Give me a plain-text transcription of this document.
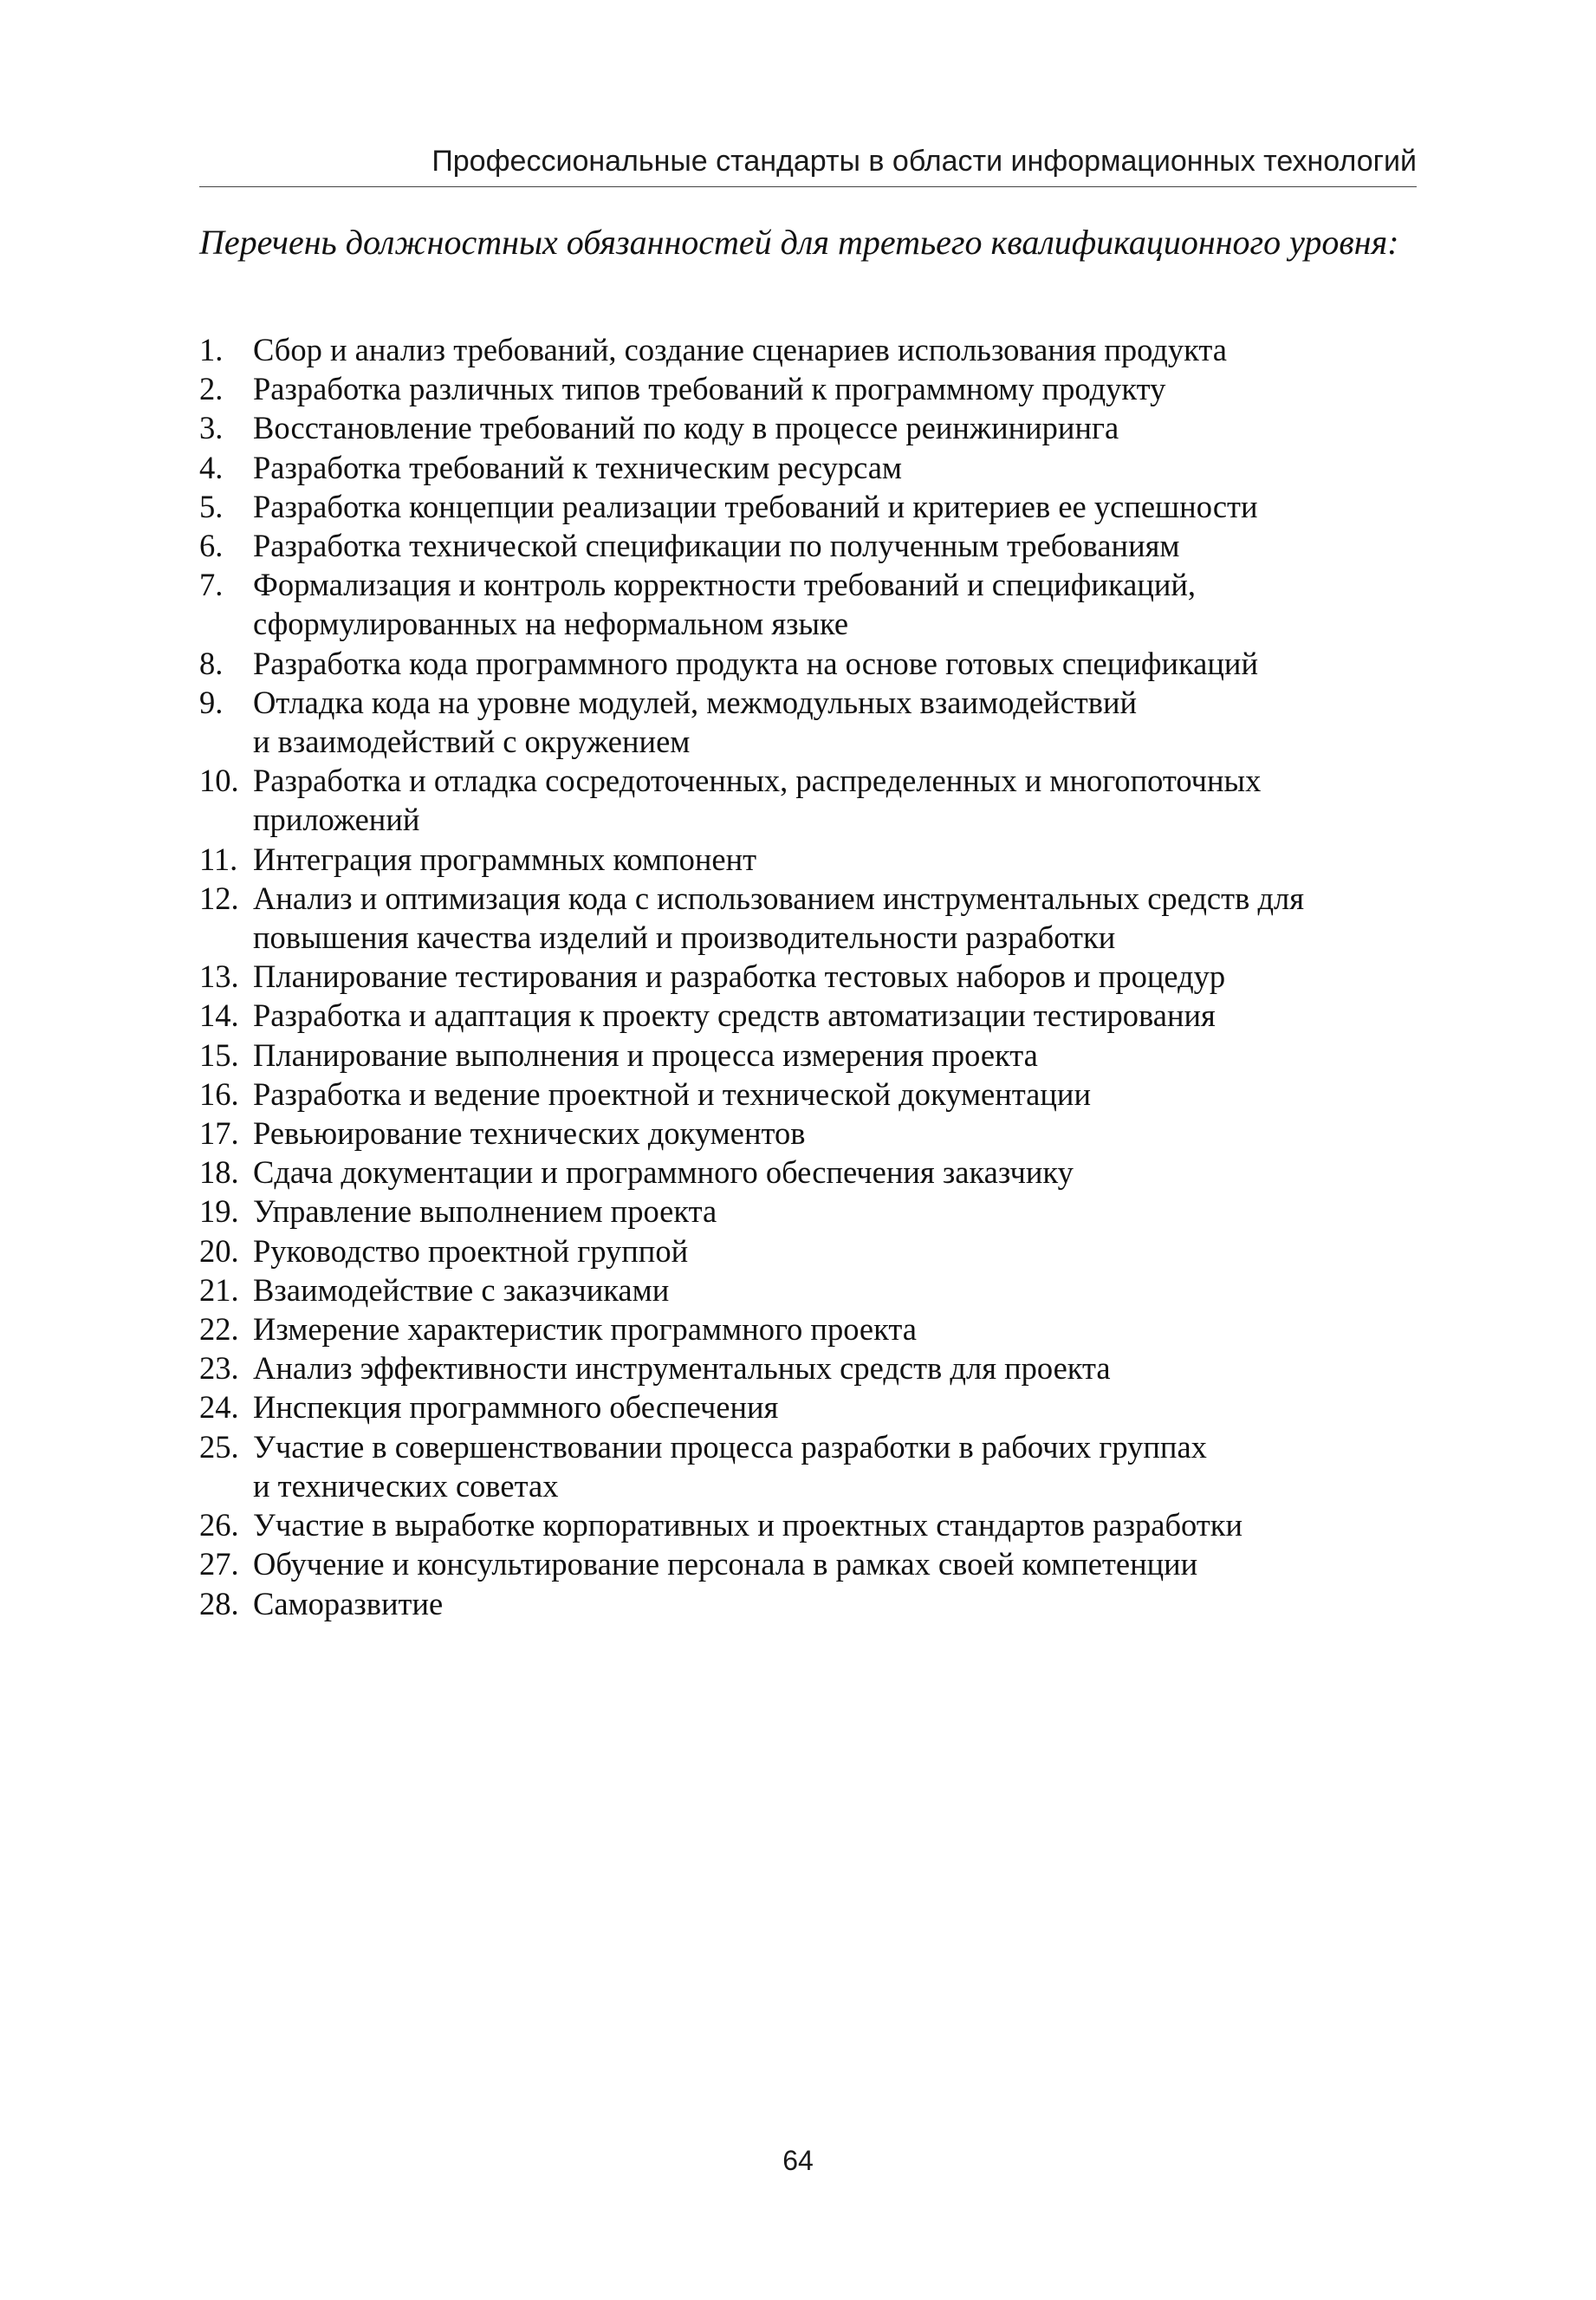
Профессиональные стандарты в области информационных технологий
Перечень должностных обязанностей для третьего квалификационного уровня:
1. Сбор и анализ требований, создание сценариев использования продукта
2. Разработка различных типов требований к программному продукту
3. Восстановление требований по коду в процессе реинжиниринга
4. Разработка требований к техническим ресурсам
5. Разработка концепции реализации требований и критериев ее успешности
6. Разработка технической спецификации по полученным требованиям
7. Формализация и контроль корректности требований и спецификаций,
сформулированных на неформальном языке
8. Разработка кода программного продукта на основе готовых спецификаций
9. Отладка кода на уровне модулей, межмодульных взаимодействий
и взаимодействий с окружением
10. Разработка и отладка сосредоточенных, распределенных и многопоточных
приложений
11. Интеграция программных компонент
12. Анализ и оптимизация кода с использованием инструментальных средств для
повышения качества изделий и производительности разработки
13. Планирование тестирования и разработка тестовых наборов и процедур
14. Разработка и адаптация к проекту средств автоматизации тестирования
15. Планирование выполнения и процесса измерения проекта
16. Разработка и ведение проектной и технической документации
17. Ревьюирование технических документов
18. Сдача документации и программного обеспечения заказчику
19. Управление выполнением проекта
20. Руководство проектной группой
21. Взаимодействие с заказчиками
22. Измерение характеристик программного проекта
23. Анализ эффективности инструментальных средств для проекта
24. Инспекция программного обеспечения
25. Участие в совершенствовании процесса разработки в рабочих группах
и технических советах
26. Участие в выработке корпоративных и проектных стандартов разработки
27. Обучение и консультирование персонала в рамках своей компетенции
28. Саморазвитие
64
